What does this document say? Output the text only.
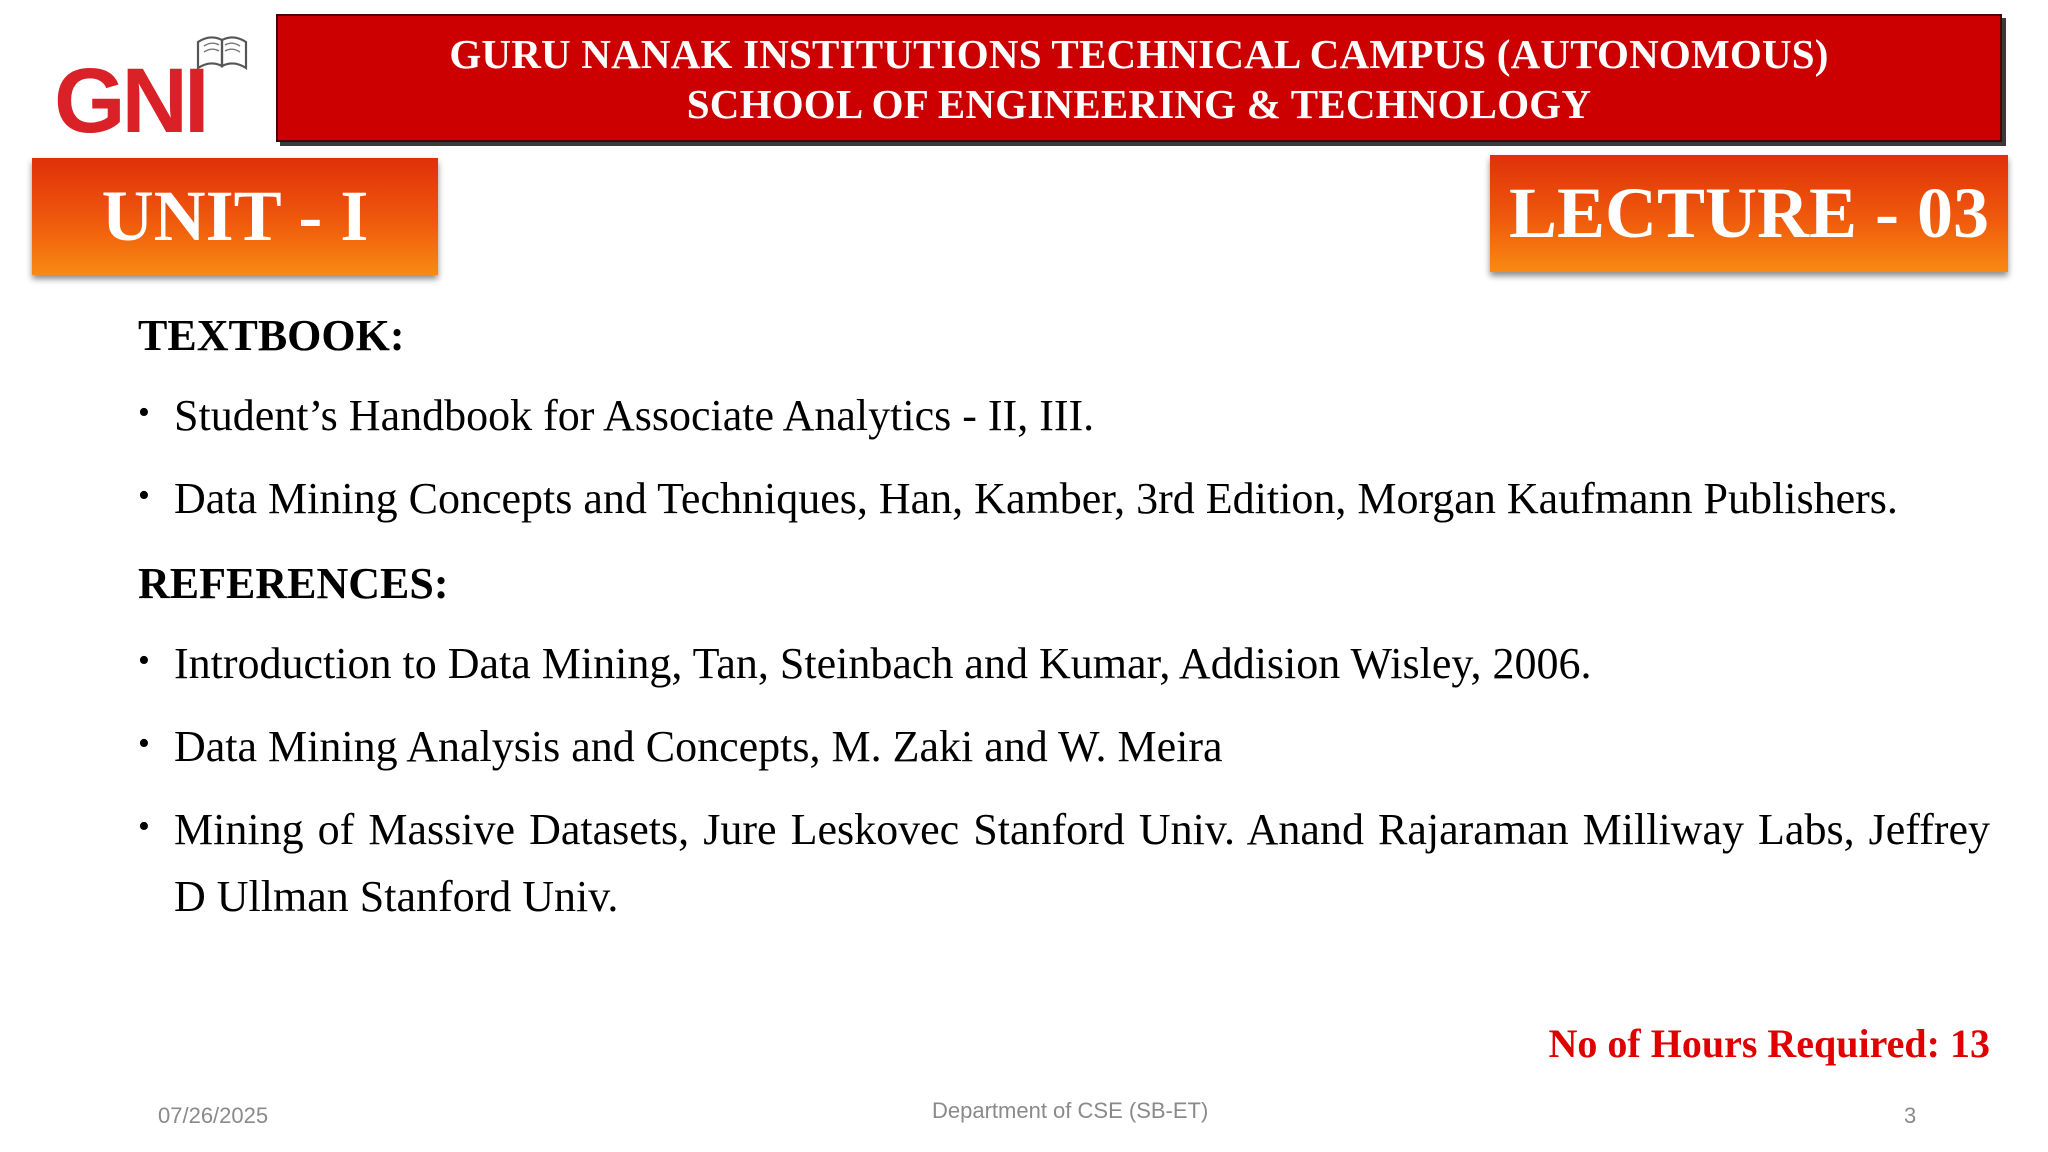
GNI	GURU NANAK INSTITUTIONS TECHNICAL CAMPUS (AUTONOMOUS)
SCHOOL OF ENGINEERING & TECHNOLOGY
UNIT - I	LECTURE - 03

TEXTBOOK:

• Student’s Handbook for Associate Analytics - II, III.
• Data Mining Concepts and Techniques, Han, Kamber, 3rd Edition, Morgan Kaufmann Publishers.

REFERENCES:

• Introduction to Data Mining, Tan, Steinbach and Kumar, Addision Wisley, 2006.
• Data Mining Analysis and Concepts, M. Zaki and W. Meira
• Mining of Massive Datasets, Jure Leskovec Stanford Univ. Anand Rajaraman Milliway Labs, Jeffrey D Ullman Stanford Univ.
No of Hours Required: 13
07/26/2025	Department of CSE (SB-ET)	3
